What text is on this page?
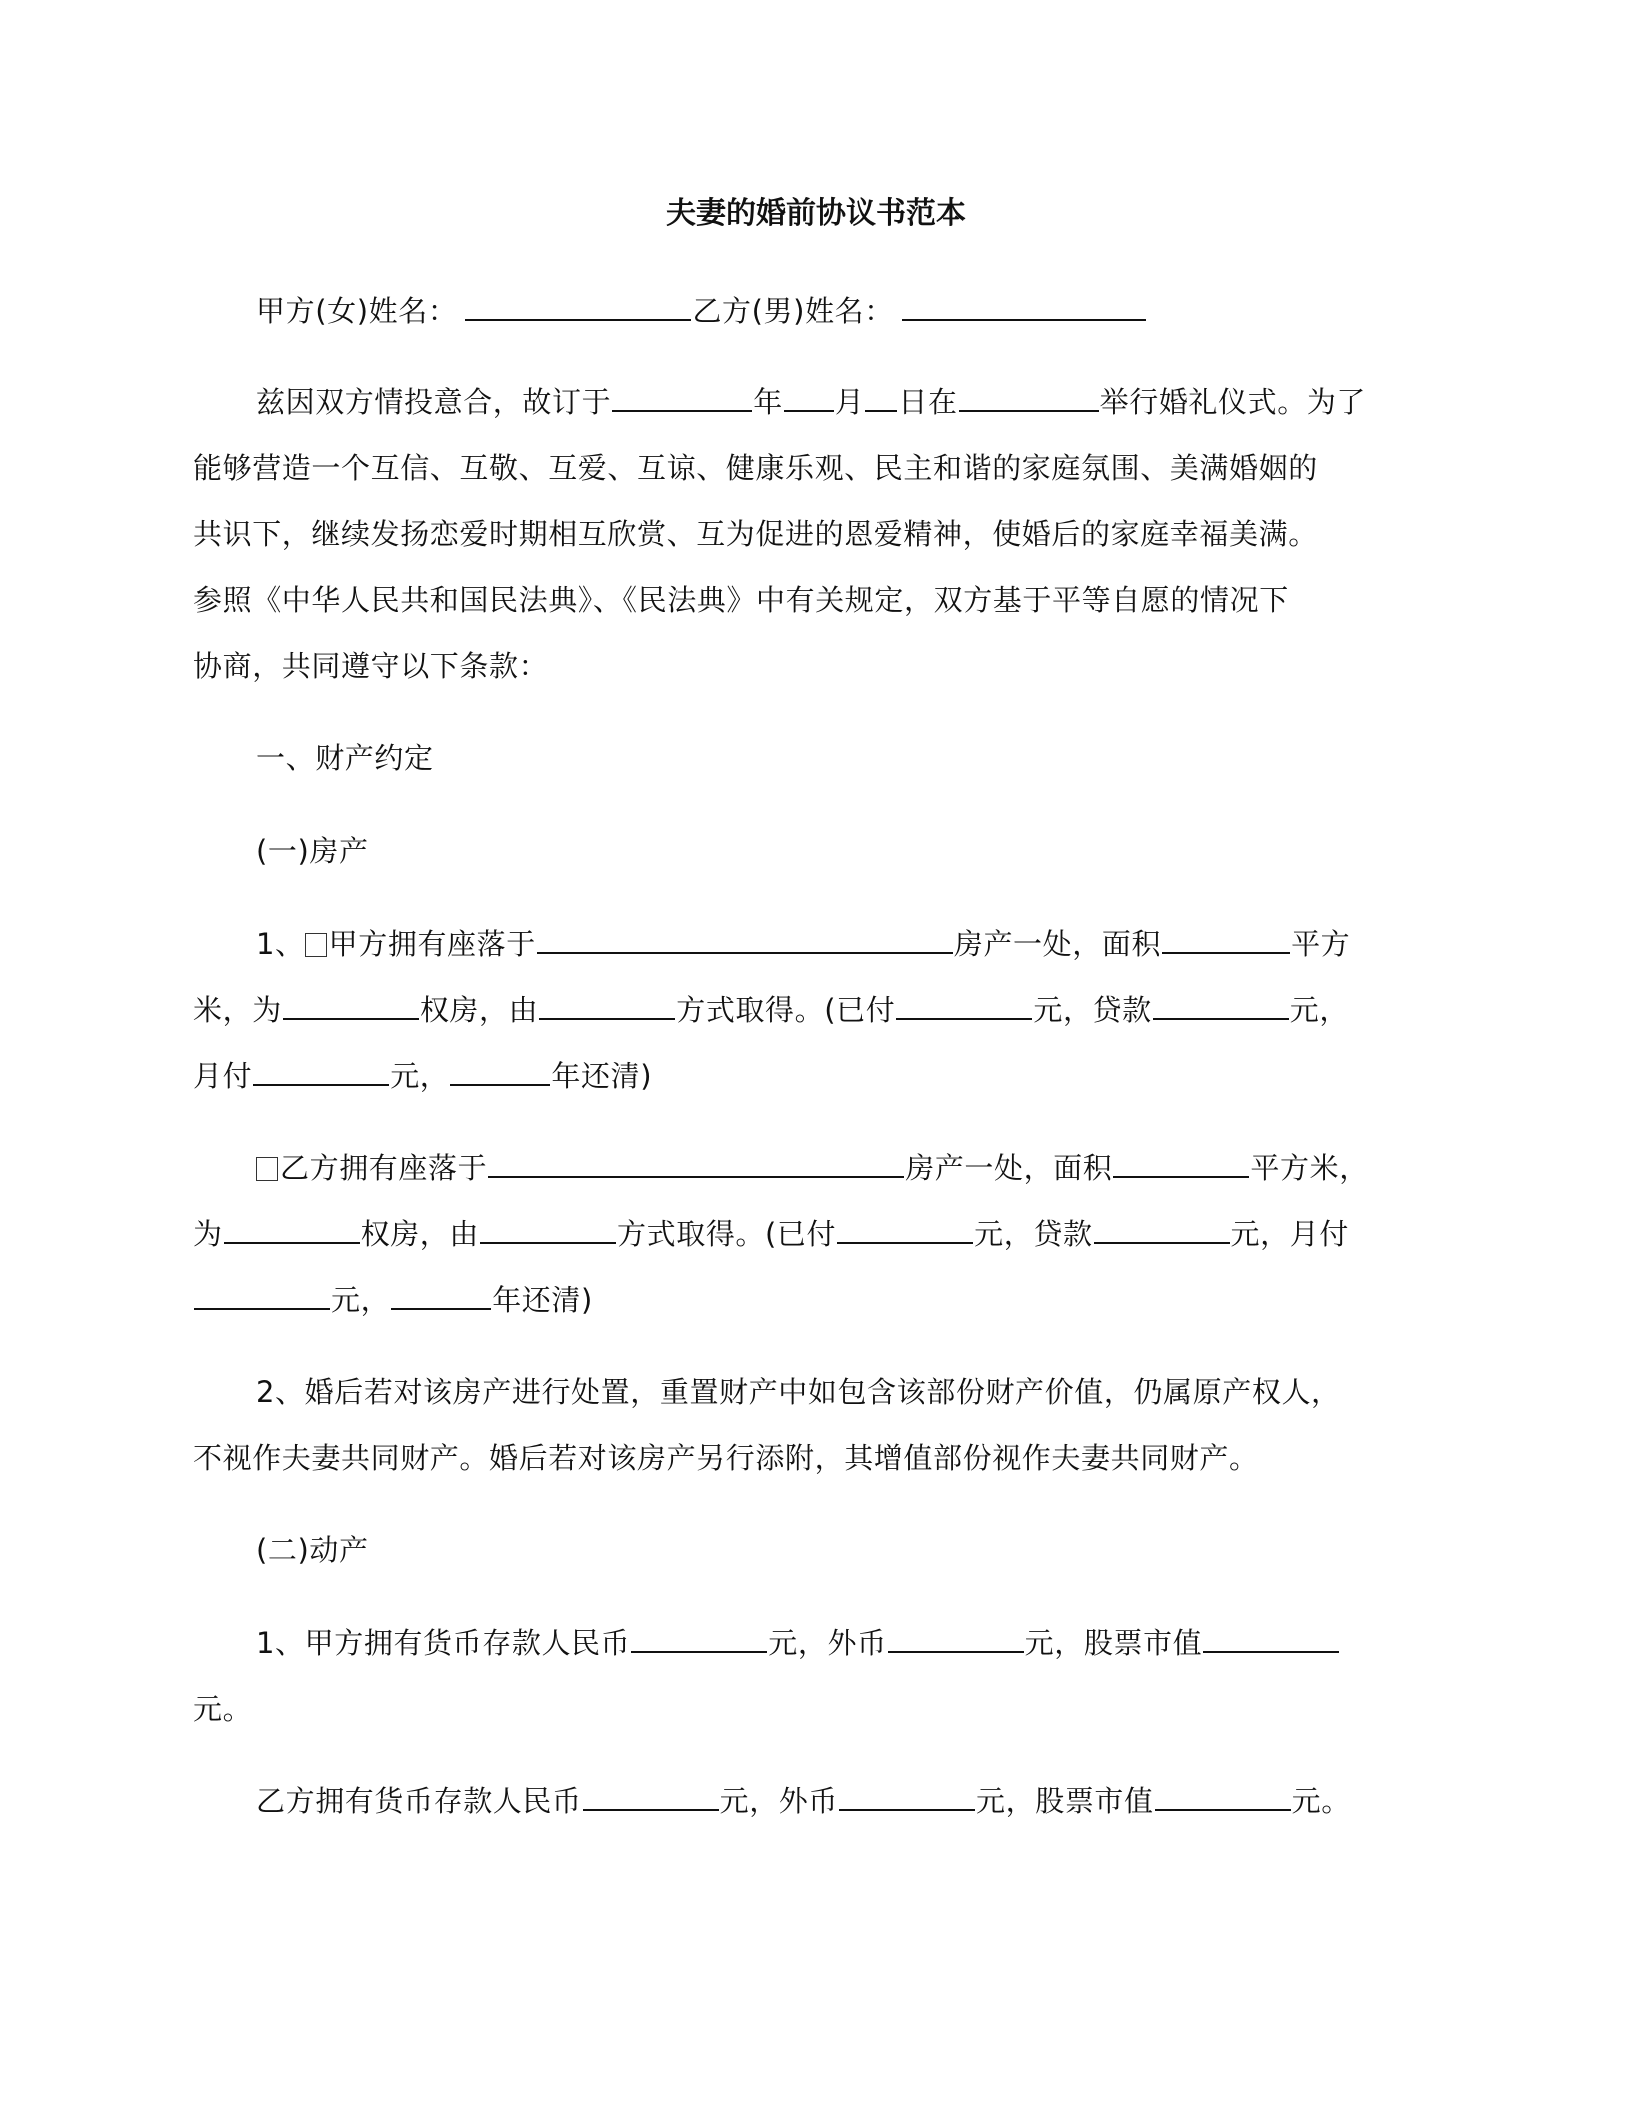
夫妻的婚前协议书范本
甲方(女)姓名：	乙方(男)姓名：
兹因双方情投意合，故订于	年 月 日在	举行婚礼仪式。为了
能够营造一个互信、互敬、互爱、互谅、健康乐观、民主和谐的家庭氛围、美满婚姻的
共识下，继续发扬恋爱时期相互欣赏、互为促进的恩爱精神，使婚后的家庭幸福美满。
参照《中华人民共和国民法典》、《民法典》中有关规定，双方基于平等自愿的情况下
协商，共同遵守以下条款：
一、财产约定
(一)房产
1、 甲方拥有座落于	房产一处，面积	平方
米，为	权房，由	方式取得。(已付	元，贷款	元，
月付	元，	年还清)
乙方拥有座落于	房产一处，面积	平方米，
为	权房，由	方式取得。(已付	元，贷款	元，月付
元，	年还清)
2、婚后若对该房产进行处置，重置财产中如包含该部份财产价值，仍属原产权人，
不视作夫妻共同财产。婚后若对该房产另行添附，其增值部份视作夫妻共同财产。
(二)动产
1、甲方拥有货币存款人民币	元，外币	元，股票市值
元。
乙方拥有货币存款人民币	元，外币	元，股票市值	元。
